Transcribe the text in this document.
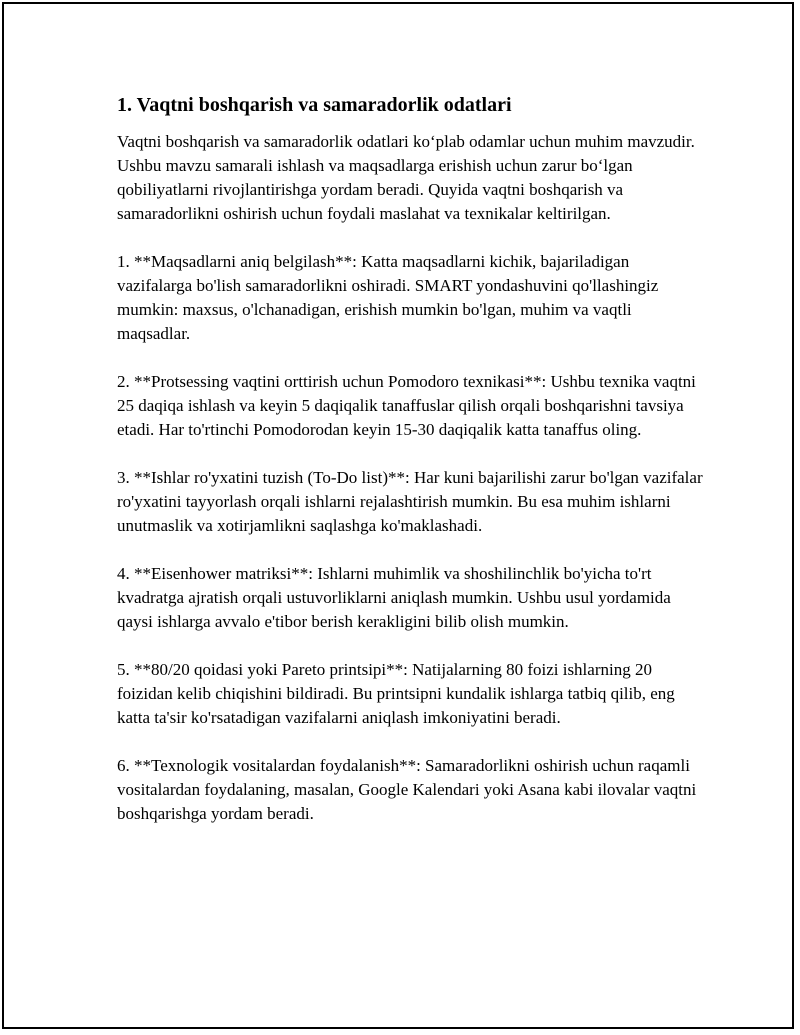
1. Vaqtni boshqarish va samaradorlik odatlari

Vaqtni boshqarish va samaradorlik odatlari ko‘plab odamlar uchun muhim mavzudir. Ushbu mavzu samarali ishlash va maqsadlarga erishish uchun zarur bo‘lgan qobiliyatlarni rivojlantirishga yordam beradi. Quyida vaqtni boshqarish va samaradorlikni oshirish uchun foydali maslahat va texnikalar keltirilgan.

1. **Maqsadlarni aniq belgilash**: Katta maqsadlarni kichik, bajariladigan vazifalarga bo'lish samaradorlikni oshiradi. SMART yondashuvini qo'llashingiz mumkin: maxsus, o'lchanadigan, erishish mumkin bo'lgan, muhim va vaqtli maqsadlar.

2. **Protsessing vaqtini orttirish uchun Pomodoro texnikasi**: Ushbu texnika vaqtni 25 daqiqa ishlash va keyin 5 daqiqalik tanaffuslar qilish orqali boshqarishni tavsiya etadi. Har to'rtinchi Pomodorodan keyin 15-30 daqiqalik katta tanaffus oling.

3. **Ishlar ro'yxatini tuzish (To-Do list)**: Har kuni bajarilishi zarur bo'lgan vazifalar ro'yxatini tayyorlash orqali ishlarni rejalashtirish mumkin. Bu esa muhim ishlarni unutmaslik va xotirjamlikni saqlashga ko'maklashadi.

4. **Eisenhower matriksi**: Ishlarni muhimlik va shoshilinchlik bo'yicha to'rt kvadratga ajratish orqali ustuvorliklarni aniqlash mumkin. Ushbu usul yordamida qaysi ishlarga avvalo e'tibor berish kerakligini bilib olish mumkin.

5. **80/20 qoidasi yoki Pareto printsipi**: Natijalarning 80 foizi ishlarning 20 foizidan kelib chiqishini bildiradi. Bu printsipni kundalik ishlarga tatbiq qilib, eng katta ta'sir ko'rsatadigan vazifalarni aniqlash imkoniyatini beradi.

6. **Texnologik vositalardan foydalanish**: Samaradorlikni oshirish uchun raqamli vositalardan foydalaning, masalan, Google Kalendari yoki Asana kabi ilovalar vaqtni boshqarishga yordam beradi.
